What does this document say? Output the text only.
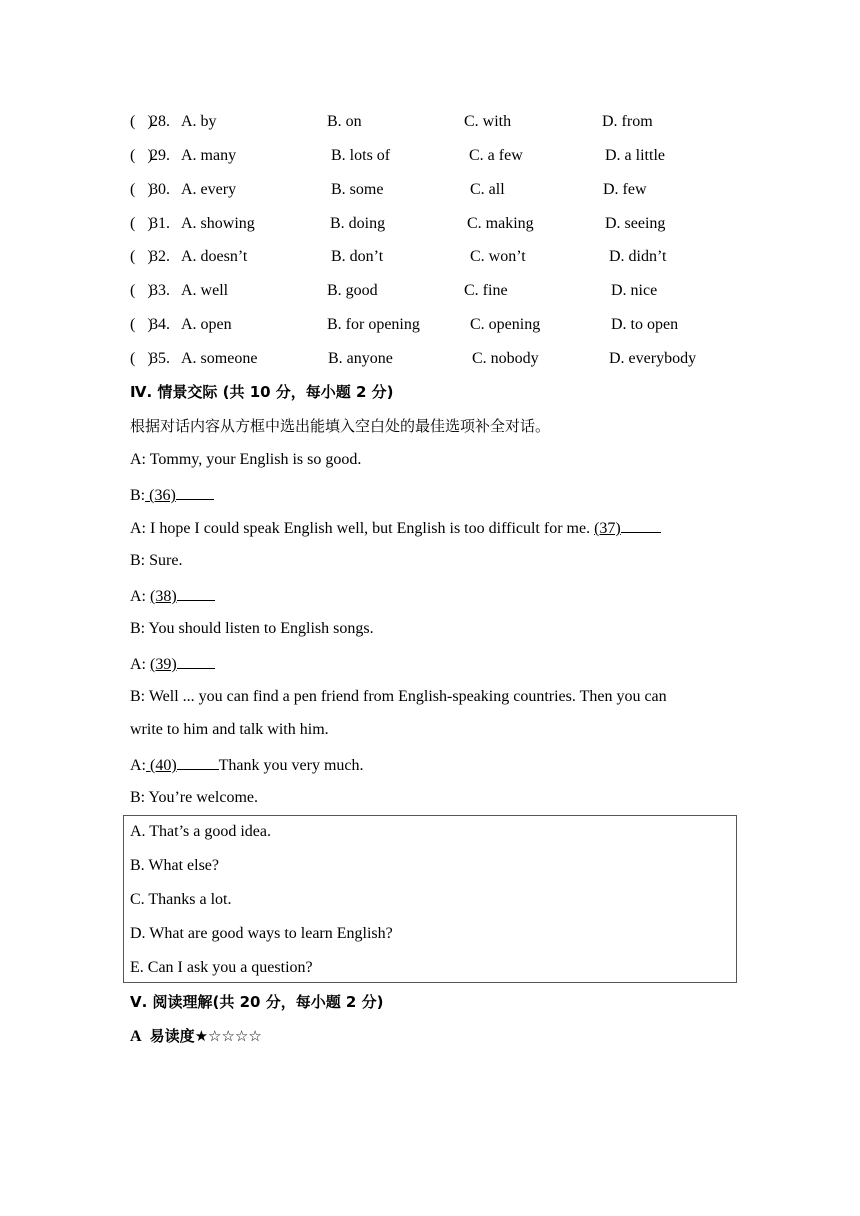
(   )
28. A. by	B. on	C. with	D. from
(   )
29. A. many	B. lots of	C. a few	D. a little
(   )
30. A. every	B. some	C. all	D. few
(   )
31. A. showing	B. doing	C. making	D. seeing
(   )
32. A. doesn’t	B. don’t	C. won’t	D. didn’t
(   )
33. A. well	B. good	C. fine	D. nice
(   )
34. A. open	B. for opening	C. opening	D. to open
(   )
35. A. someone	B. anyone	C. nobody	D. everybody
Ⅳ. 情景交际 (共 10 分，每小题 2 分)
根据对话内容从方框中选出能填入空白处的最佳选项补全对话。
A: Tommy, your English is so good.
B: (36)
A: I hope I could speak English well, but English is too difficult for me. (37)
B: Sure.
A: (38)
B: You should listen to English songs.
A: (39)
B: Well ... you can find a pen friend from English-speaking countries. Then you can
write to him and talk with him.
A: (40)	Thank you very much.
B: You’re welcome.
A. That’s a good idea.
B. What else?
C. Thanks a lot.
D. What are good ways to learn English?
E. Can I ask you a question?
Ⅴ. 阅读理解(共 20 分，每小题 2 分)
A 易读度★☆☆☆☆
